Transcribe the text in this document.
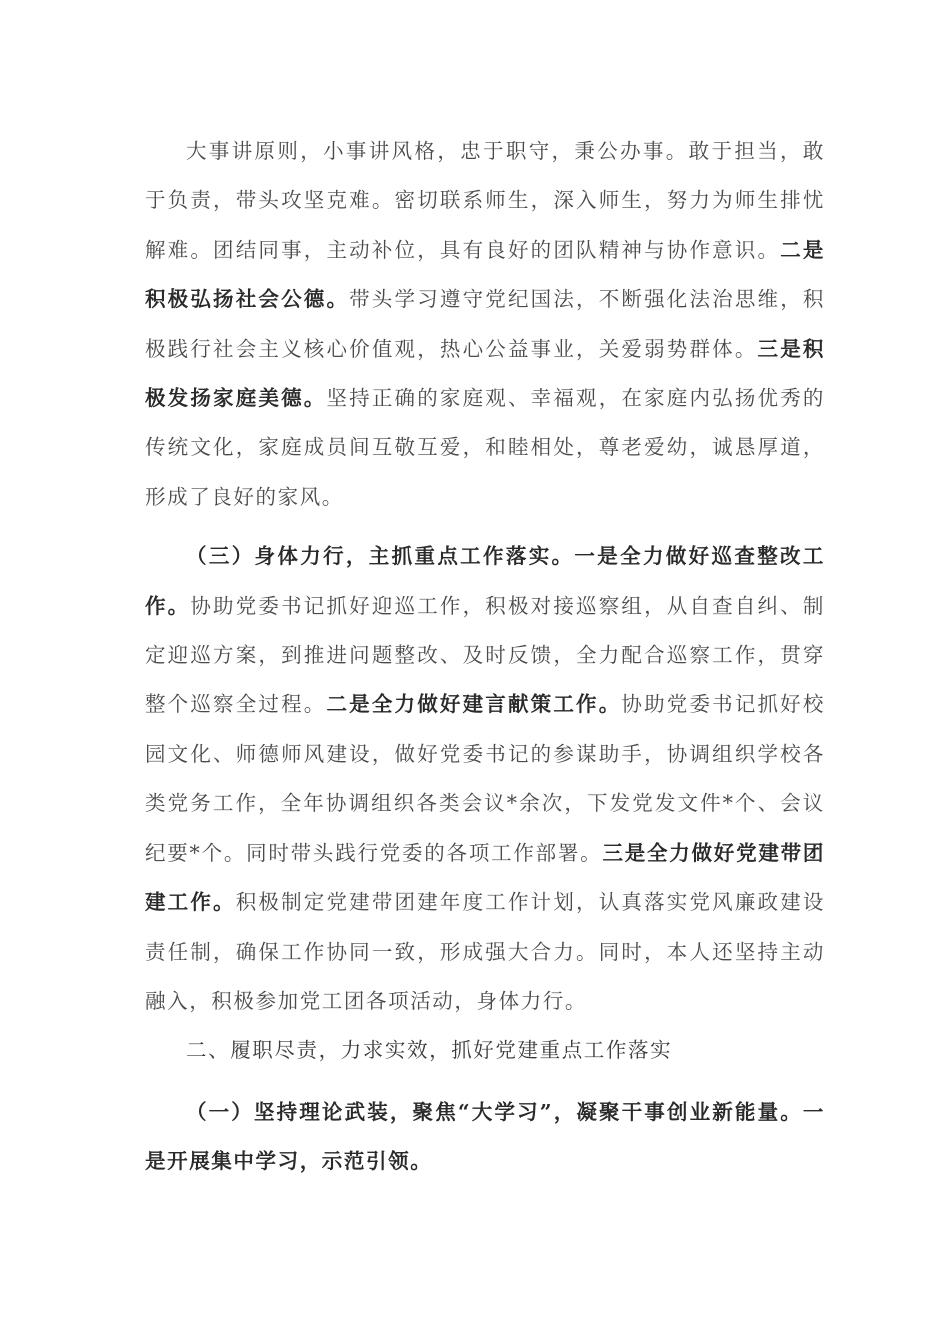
大事讲原则，小事讲风格，忠于职守，秉公办事。敢于担当，敢于负责，带头攻坚克难。密切联系师生，深入师生，努力为师生排忧解难。团结同事，主动补位，具有良好的团队精神与协作意识。二是积极弘扬社会公德。带头学习遵守党纪国法，不断强化法治思维，积极践行社会主义核心价值观，热心公益事业，关爱弱势群体。三是积极发扬家庭美德。坚持正确的家庭观、幸福观，在家庭内弘扬优秀的传统文化，家庭成员间互敬互爱，和睦相处，尊老爱幼，诚恳厚道，形成了良好的家风。

（三）身体力行，主抓重点工作落实。一是全力做好巡查整改工作。协助党委书记抓好迎巡工作，积极对接巡察组，从自查自纠、制定迎巡方案，到推进问题整改、及时反馈，全力配合巡察工作，贯穿整个巡察全过程。二是全力做好建言献策工作。协助党委书记抓好校园文化、师德师风建设，做好党委书记的参谋助手，协调组织学校各类党务工作，全年协调组织各类会议*余次，下发党发文件*个、会议纪要*个。同时带头践行党委的各项工作部署。三是全力做好党建带团建工作。积极制定党建带团建年度工作计划，认真落实党风廉政建设责任制，确保工作协同一致，形成强大合力。同时，本人还坚持主动融入，积极参加党工团各项活动，身体力行。

二、履职尽责，力求实效，抓好党建重点工作落实

（一）坚持理论武装，聚焦“大学习”，凝聚干事创业新能量。一是开展集中学习，示范引领。
